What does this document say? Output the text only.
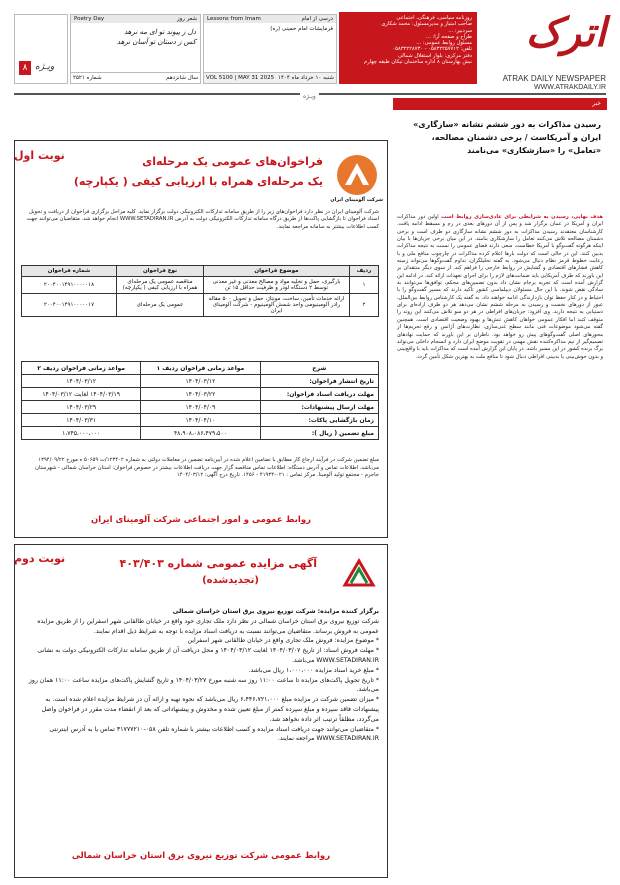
اترک
ATRAK DAILY NEWSPAPER
WWW.ATRAKDAILY.IR
روزنامه سیاسی، فرهنگی، اجتماعی
صاحب امتیاز و مدیرمسئول: محمد شکاری
سردبیر: ...
طراح و صفحه آرا: ...
مسئول روابط عمومی: ...
تلفن: ۰۵۸۳۲۲۵۷۷۱۲ - ۰۵۸۳۲۲۲۸۷۳۰
دفتر مرکزی: بلوار استقلال شمالی
نبش بهارستان ۸ اداره ساختمان تیکان طبقه چهارم
درسی از امام
Lessons from Imam
فرمایشات امام خمینی (ره)
شنبه ۱۰ خرداد ماه ۱۴۰۴
VOL 5100 | MAY 31 2025
شعر روز
Poetry Day
دل ز پیوند تو ای مه نرهد
کس ز دستان تو آسان نرهد
سال شانزدهم
شماره ۲۵۲۱
۸ ویـژه
ویـژه
خبر
رسیدن مذاکرات به دور ششم نشانه «سازگاری» ایران و آمریکاست / برخی دشمنان مصالحه، «تعامل» را «سازشکاری» می‌نامند
هدف نهایی، رسیدن به شرایطی برای عادی‌سازی روابط است اولین دور مذاکرات ایران و آمریکا در عمان برگزار شد و پس از آن دورهای بعدی در رم و مسقط ادامه یافت. کارشناسان معتقدند رسیدن مذاکرات به دور ششم نشانه سازگاری دو طرف است و برخی دشمنان مصالحه تلاش می‌کنند تعامل را سازشکاری بنامند. در این میان برخی جریان‌ها با بیان اینکه هرگونه گفت‌وگو با آمریکا خطاست، سعی دارند فضای عمومی را نسبت به نتیجه مذاکرات بدبین کنند. این در حالی است که دولت بارها اعلام کرده مذاکرات در چارچوب منافع ملی و با رعایت خطوط قرمز نظام دنبال می‌شود. به گفته تحلیلگران، تداوم گفت‌وگوها می‌تواند زمینه کاهش فشارهای اقتصادی و گشایش در روابط خارجی را فراهم کند. از سوی دیگر منتقدان بر این باورند که طرف آمریکایی باید ضمانت‌های لازم را برای اجرای تعهدات ارائه کند. در ادامه این گزارش آمده است که تجربه برجام نشان داد بدون تضمین‌های محکم، توافق‌ها می‌توانند به سادگی نقض شوند. با این حال مسئولان دیپلماسی کشور تأکید دارند که مسیر گفت‌وگو را با احتیاط و در کنار حفظ توان بازدارندگی ادامه خواهند داد. به گفته یک کارشناس روابط بین‌الملل، عبور از دورهای نخست و رسیدن به مرحله ششم نشان می‌دهد هر دو طرف اراده‌ای برای دستیابی به نتیجه دارند. وی افزود: جریان‌های افراطی در هر دو سو تلاش می‌کنند این روند را متوقف کنند اما افکار عمومی خواهان کاهش تنش‌ها و بهبود وضعیت اقتصادی است. همچنین گفته می‌شود موضوعات فنی مانند سطح غنی‌سازی، نظارت‌های آژانس و رفع تحریم‌ها از محورهای اصلی گفت‌وگوهای پیش رو خواهد بود. ناظران بر این باورند که حمایت نهادهای تصمیم‌گیر از تیم مذاکره‌کننده نقش مهمی در تقویت موضع ایران دارد و انسجام داخلی می‌تواند برگ برنده کشور در این مسیر باشد. در پایان این گزارش آمده است که مذاکرات باید با واقع‌بینی و بدون خوش‌بینی یا بدبینی افراطی دنبال شود تا منافع ملت به بهترین شکل تأمین گردد.
نوبت اول
شرکت آلومینای ایران
فراخوان‌های عمومی یک مرحله‌ای
یک مرحله‌ای همراه با ارزیابی کیفی ( یکپارچه)
شرکت آلومینای ایران در نظر دارد فراخوان‌های زیر را از طریق سامانه تدارکات الکترونیکی دولت برگزار نماید. کلیه مراحل برگزاری فراخوان از دریافت و تحویل اسناد فراخوان تا بازگشایی پاکت‌ها از طریق درگاه سامانه تدارکات الکترونیکی دولت به آدرس WWW.SETADIRAN.IR انجام خواهد شد. متقاضیان می‌توانند جهت کسب اطلاعات بیشتر به سامانه مراجعه نمایند.
ردیف	موضوع فراخوان	نوع فراخوان	شماره فراخوان
۱	بارگیری، حمل و تخلیه مواد و مصالح معدنی و غیر معدنی توسط ۲ دستگاه لودر و ظرفیت حداقل ۱۵ تن	مناقصه عمومی یک مرحله‌ای همراه با ارزیابی کیفی ( یکپارچه)	۲۰۰۴۰۰۱۴۹۱۰۰۰۰۰۱۸
۲	ارائه خدمات تأمین، ساخت، مونتاژ، حمل و تحویل ۵۰۰ مقاله رادر آلومینیومی واحد شمش آلومینیوم - شرکت آلومینای ایران	عمومی یک مرحله‌ای	۲۰۰۴۰۰۱۴۹۱۰۰۰۰۰۱۷
شرح	مواعد زمانی فراخوان ردیف ۱	مواعد زمانی فراخوان ردیف ۲
تاریخ انتشار فراخوان:	۱۴۰۴/۰۳/۱۲	۱۴۰۴/۰۳/۱۲
مهلت دریافت اسناد فراخوان:	۱۴۰۴/۰۳/۲۲	۱۴۰۴/۰۳/۱۹ لغایت ۱۴۰۴/۰۳/۱۲
مهلت ارسال پیشنهادات:	۱۴۰۴/۰۴/۰۹	۱۴۰۴/۰۳/۲۹
زمان بازگشایی پاکات:	۱۴۰۴/۰۴/۱۰	۱۴۰۴/۰۳/۳۱
مبلغ تضمین ( ریال ):	۴۸،۹۰۸،۰۸۶،۴۷۹،۵۰۰	۱،۷۴۵،۰۰۰،۰۰۰
مبلغ تضمین شرکت در فرآیند ارجاع کار مطابق با تضامین اعلام شده در آیین‌نامه تضمین در معاملات دولتی به شماره ۱۲۳۴۰۲/ت ۵۰۶۵۹ ه مورخ ۱۳۹۴/۰۹/۲۲ می‌باشد. اطلاعات تماس و آدرس دستگاه: اطلاعات تماس مناقصه گزار جهت دریافت اطلاعات بیشتر در خصوص فراخوان: استان خراسان شمالی - شهرستان جاجرم - مجتمع تولید آلومینا. مرکز تماس : ۰۲۱-۴۱۹۳۴ - ۱۴۵۶. تاریخ درج آگهی: ۱۴۰۴/۰۳/۱۲
روابط عمومی و امور اجتماعی شرکت آلومینای ایران
نوبت دوم	آگهی مزایده عمومی شماره ۴۰۳/۴۰۳
(تجدیدشده)
برگزار کننده مزایده: شرکت توزیع نیروی برق استان خراسان شمالی
شرکت توزیع نیروی برق استان خراسان شمالی در نظر دارد ملک تجاری خود واقع در خیابان طالقانی شهر اسفراین را از طریق مزایده عمومی به فروش برساند. متقاضیان می‌توانند نسبت به دریافت اسناد مزایده با توجه به شرایط ذیل اقدام نمایند.
* موضوع مزایده: فروش ملک تجاری واقع در خیابان طالقانی شهر اسفراین
* مهلت فروش اسناد: از تاریخ ۱۴۰۴/۰۳/۰۷ لغایت ۱۴۰۴/۰۳/۱۲ و محل دریافت آن از طریق سامانه تدارکات الکترونیکی دولت به نشانی WWW.SETADIRAN.IR می‌باشد.
* مبلغ خرید اسناد مزایده ۱،۰۰۰،۰۰۰ ریال می‌باشد.
* تاریخ تحویل پاکت‌های مزایده تا ساعت ۱۱:۰۰ روز سه شنبه مورخ ۱۴۰۴/۰۳/۲۷ و تاریخ گشایش پاکت‌های مزایده ساعت ۱۱:۰۰ همان روز می‌باشد.
* میزان تضمین شرکت در مزایده مبلغ ۶،۴۴۶،۷۲۱،۰۰۰ ریال می‌باشد که نحوه تهیه و ارائه آن در شرایط مزایده اعلام شده است. به پیشنهادات فاقد سپرده و مبلغ سپرده کمتر از مبلغ تعیین شده و مخدوش و پیشنهاداتی که بعد از انقضاء مدت مقرر در فراخوان واصل می‌گردد، مطلقاً ترتیب اثر داده نخواهد شد.
* متقاضیان می‌توانند جهت دریافت اسناد مزایده و کسب اطلاعات بیشتر با شماره تلفن ۰۵۸-۳۱۷۷۷۲۱۰ تماس یا به آدرس اینترنتی WWW.SETADIRAN.IR مراجعه نمایند.
روابط عمومی شرکت توزیع نیروی برق استان خراسان شمالی
